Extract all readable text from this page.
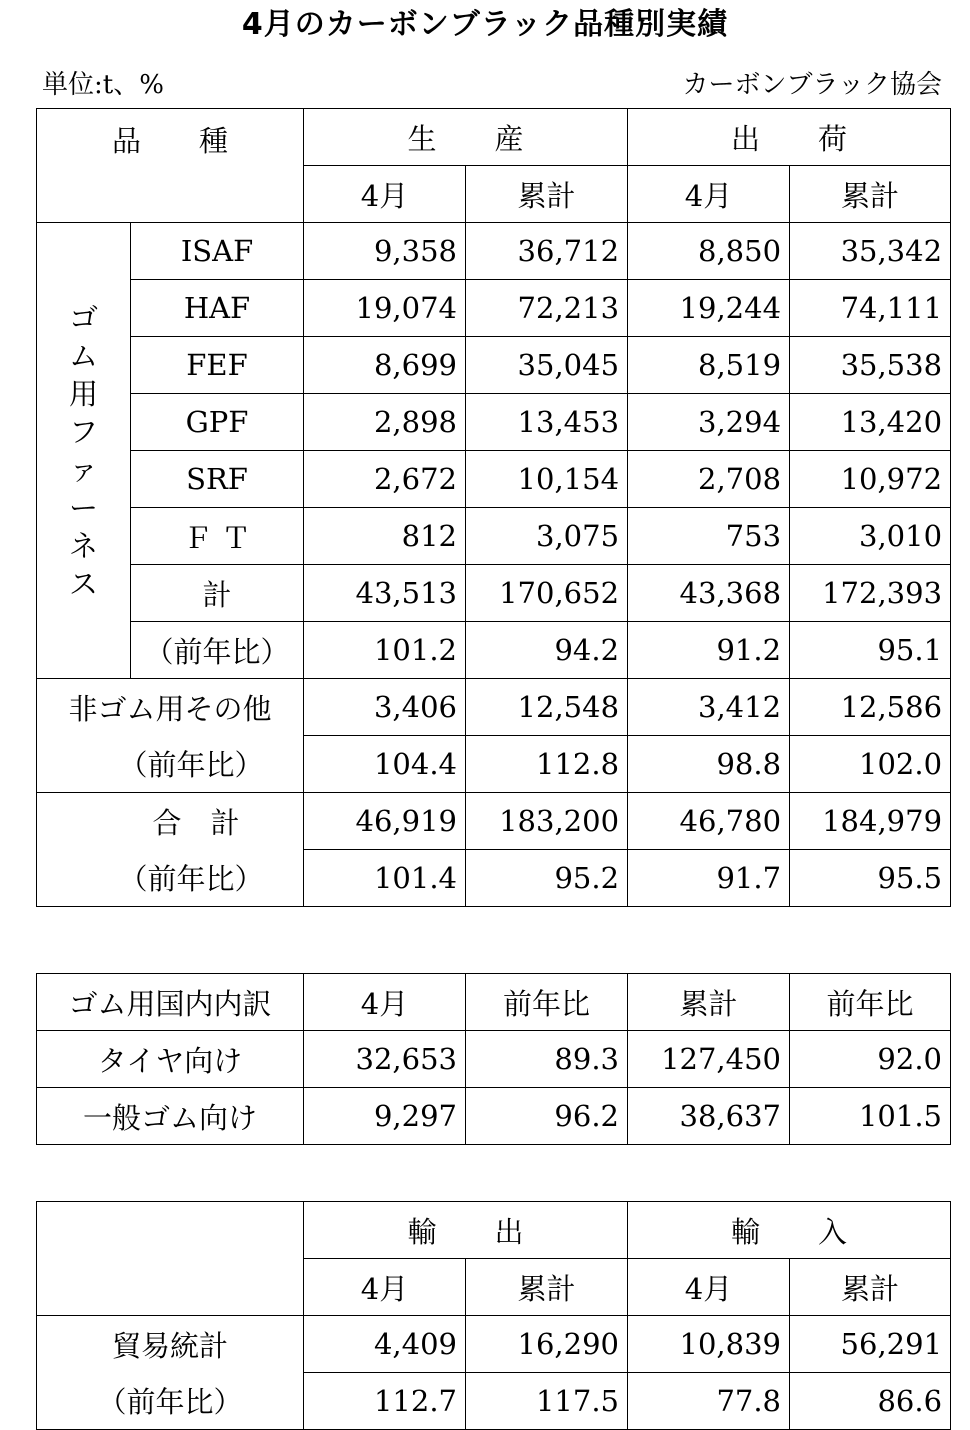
4月のカーボンブラック品種別実績
単位:t、%	カーボンブラック協会
品　　種		生　　産		出　　荷	
		4月	累計	4月	累計
ゴム用ファーネス	ISAF	9,358	36,712	8,850	35,342
	HAF	19,074	72,213	19,244	74,111
	FEF	8,699	35,045	8,519	35,538
	GPF	2,898	13,453	3,294	13,420
	SRF	2,672	10,154	2,708	10,972
	Ｆ Ｔ	812	3,075	753	3,010
	計	43,513	170,652	43,368	172,393
	（前年比）	101.2	94.2	91.2	95.1
非ゴム用その他		3,406	12,548	3,412	12,586
（前年比）		104.4	112.8	98.8	102.0
合　計		46,919	183,200	46,780	184,979
（前年比）		101.4	95.2	91.7	95.5
ゴム用国内内訳	4月	前年比	累計	前年比
タイヤ向け	32,653	89.3	127,450	92.0
一般ゴム向け	9,297	96.2	38,637	101.5
	輸　　出		輸　　入	
	4月	累計	4月	累計
貿易統計	4,409	16,290	10,839	56,291
（前年比）	112.7	117.5	77.8	86.6
